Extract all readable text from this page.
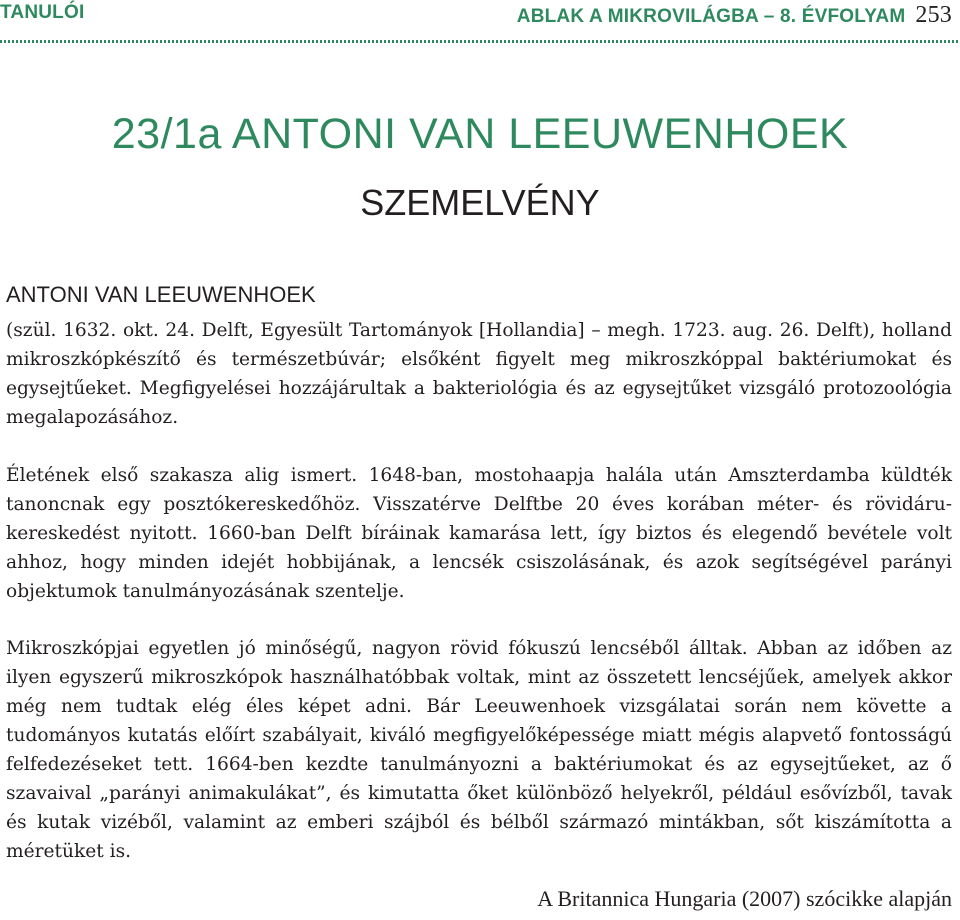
TANULÓI	ABLAK A MIKROVILÁGBA – 8. ÉVFOLYAM 253
23/1a ANTONI VAN LEEUWENHOEK
SZEMELVÉNY
ANTONI VAN LEEUWENHOEK
(szül. 1632. okt. 24. Delft, Egyesült Tartományok [Hollandia] – megh. 1723. aug. 26. Delft), holland mikroszkópkészítő és természetbúvár; elsőként figyelt meg mikroszkóppal baktériumokat és egysejtűeket. Megfigyelései hozzájárultak a bakteriológia és az egysejtűket vizsgáló protozoológia megalapozásához.
Életének első szakasza alig ismert. 1648-ban, mostohaapja halála után Amszterdamba küldték tanoncnak egy posztókereskedőhöz. Visszatérve Delftbe 20 éves korában méter- és rövidáru-kereskedést nyitott. 1660-ban Delft bíráinak kamarása lett, így biztos és elegendő bevétele volt ahhoz, hogy minden idejét hobbijának, a lencsék csiszolásának, és azok segítségével parányi objektumok tanulmányozásának szentelje.
Mikroszkópjai egyetlen jó minőségű, nagyon rövid fókuszú lencséből álltak. Abban az időben az ilyen egyszerű mikroszkópok használhatóbbak voltak, mint az összetett lencséjűek, amelyek akkor még nem tudtak elég éles képet adni. Bár Leeuwenhoek vizsgálatai során nem követte a tudományos kutatás előírt szabályait, kiváló megfigyelőképessége miatt mégis alapvető fontosságú felfedezéseket tett. 1664-ben kezdte tanulmányozni a baktériumokat és az egysejtűeket, az ő szavaival „parányi animakulákat”, és kimutatta őket különböző helyekről, például esővízből, tavak és kutak vizéből, valamint az emberi szájból és bélből származó mintákban, sőt kiszámította a méretüket is.
A Britannica Hungaria (2007) szócikke alapján
